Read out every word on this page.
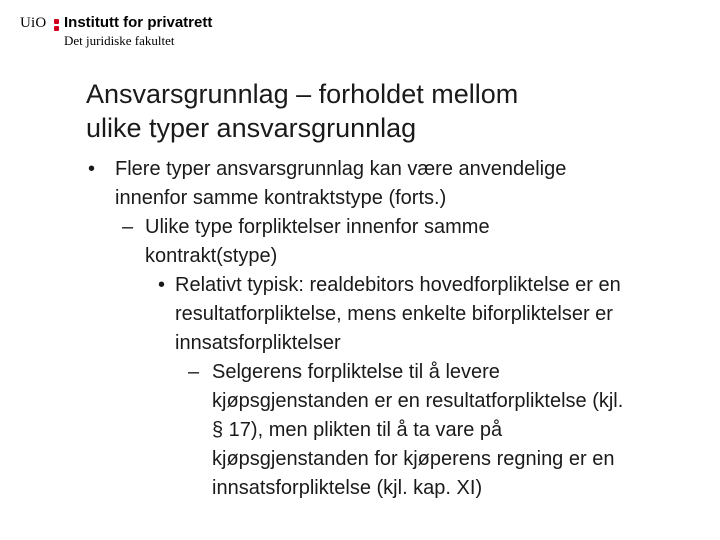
UiO Institutt for privatrett
Det juridiske fakultet
Ansvarsgrunnlag – forholdet mellom
ulike typer ansvarsgrunnlag
• Flere typer ansvarsgrunnlag kan være anvendelige
innenfor samme kontraktstype (forts.)
– Ulike type forpliktelser innenfor samme
kontrakt(stype)
• Relativt typisk: realdebitors hovedforpliktelse er en
resultatforpliktelse, mens enkelte biforpliktelser er
innsatsforpliktelser
– Selgerens forpliktelse til å levere
kjøpsgjenstanden er en resultatforpliktelse (kjl.
§ 17), men plikten til å ta vare på
kjøpsgjenstanden for kjøperens regning er en
innsatsforpliktelse (kjl. kap. XI)
